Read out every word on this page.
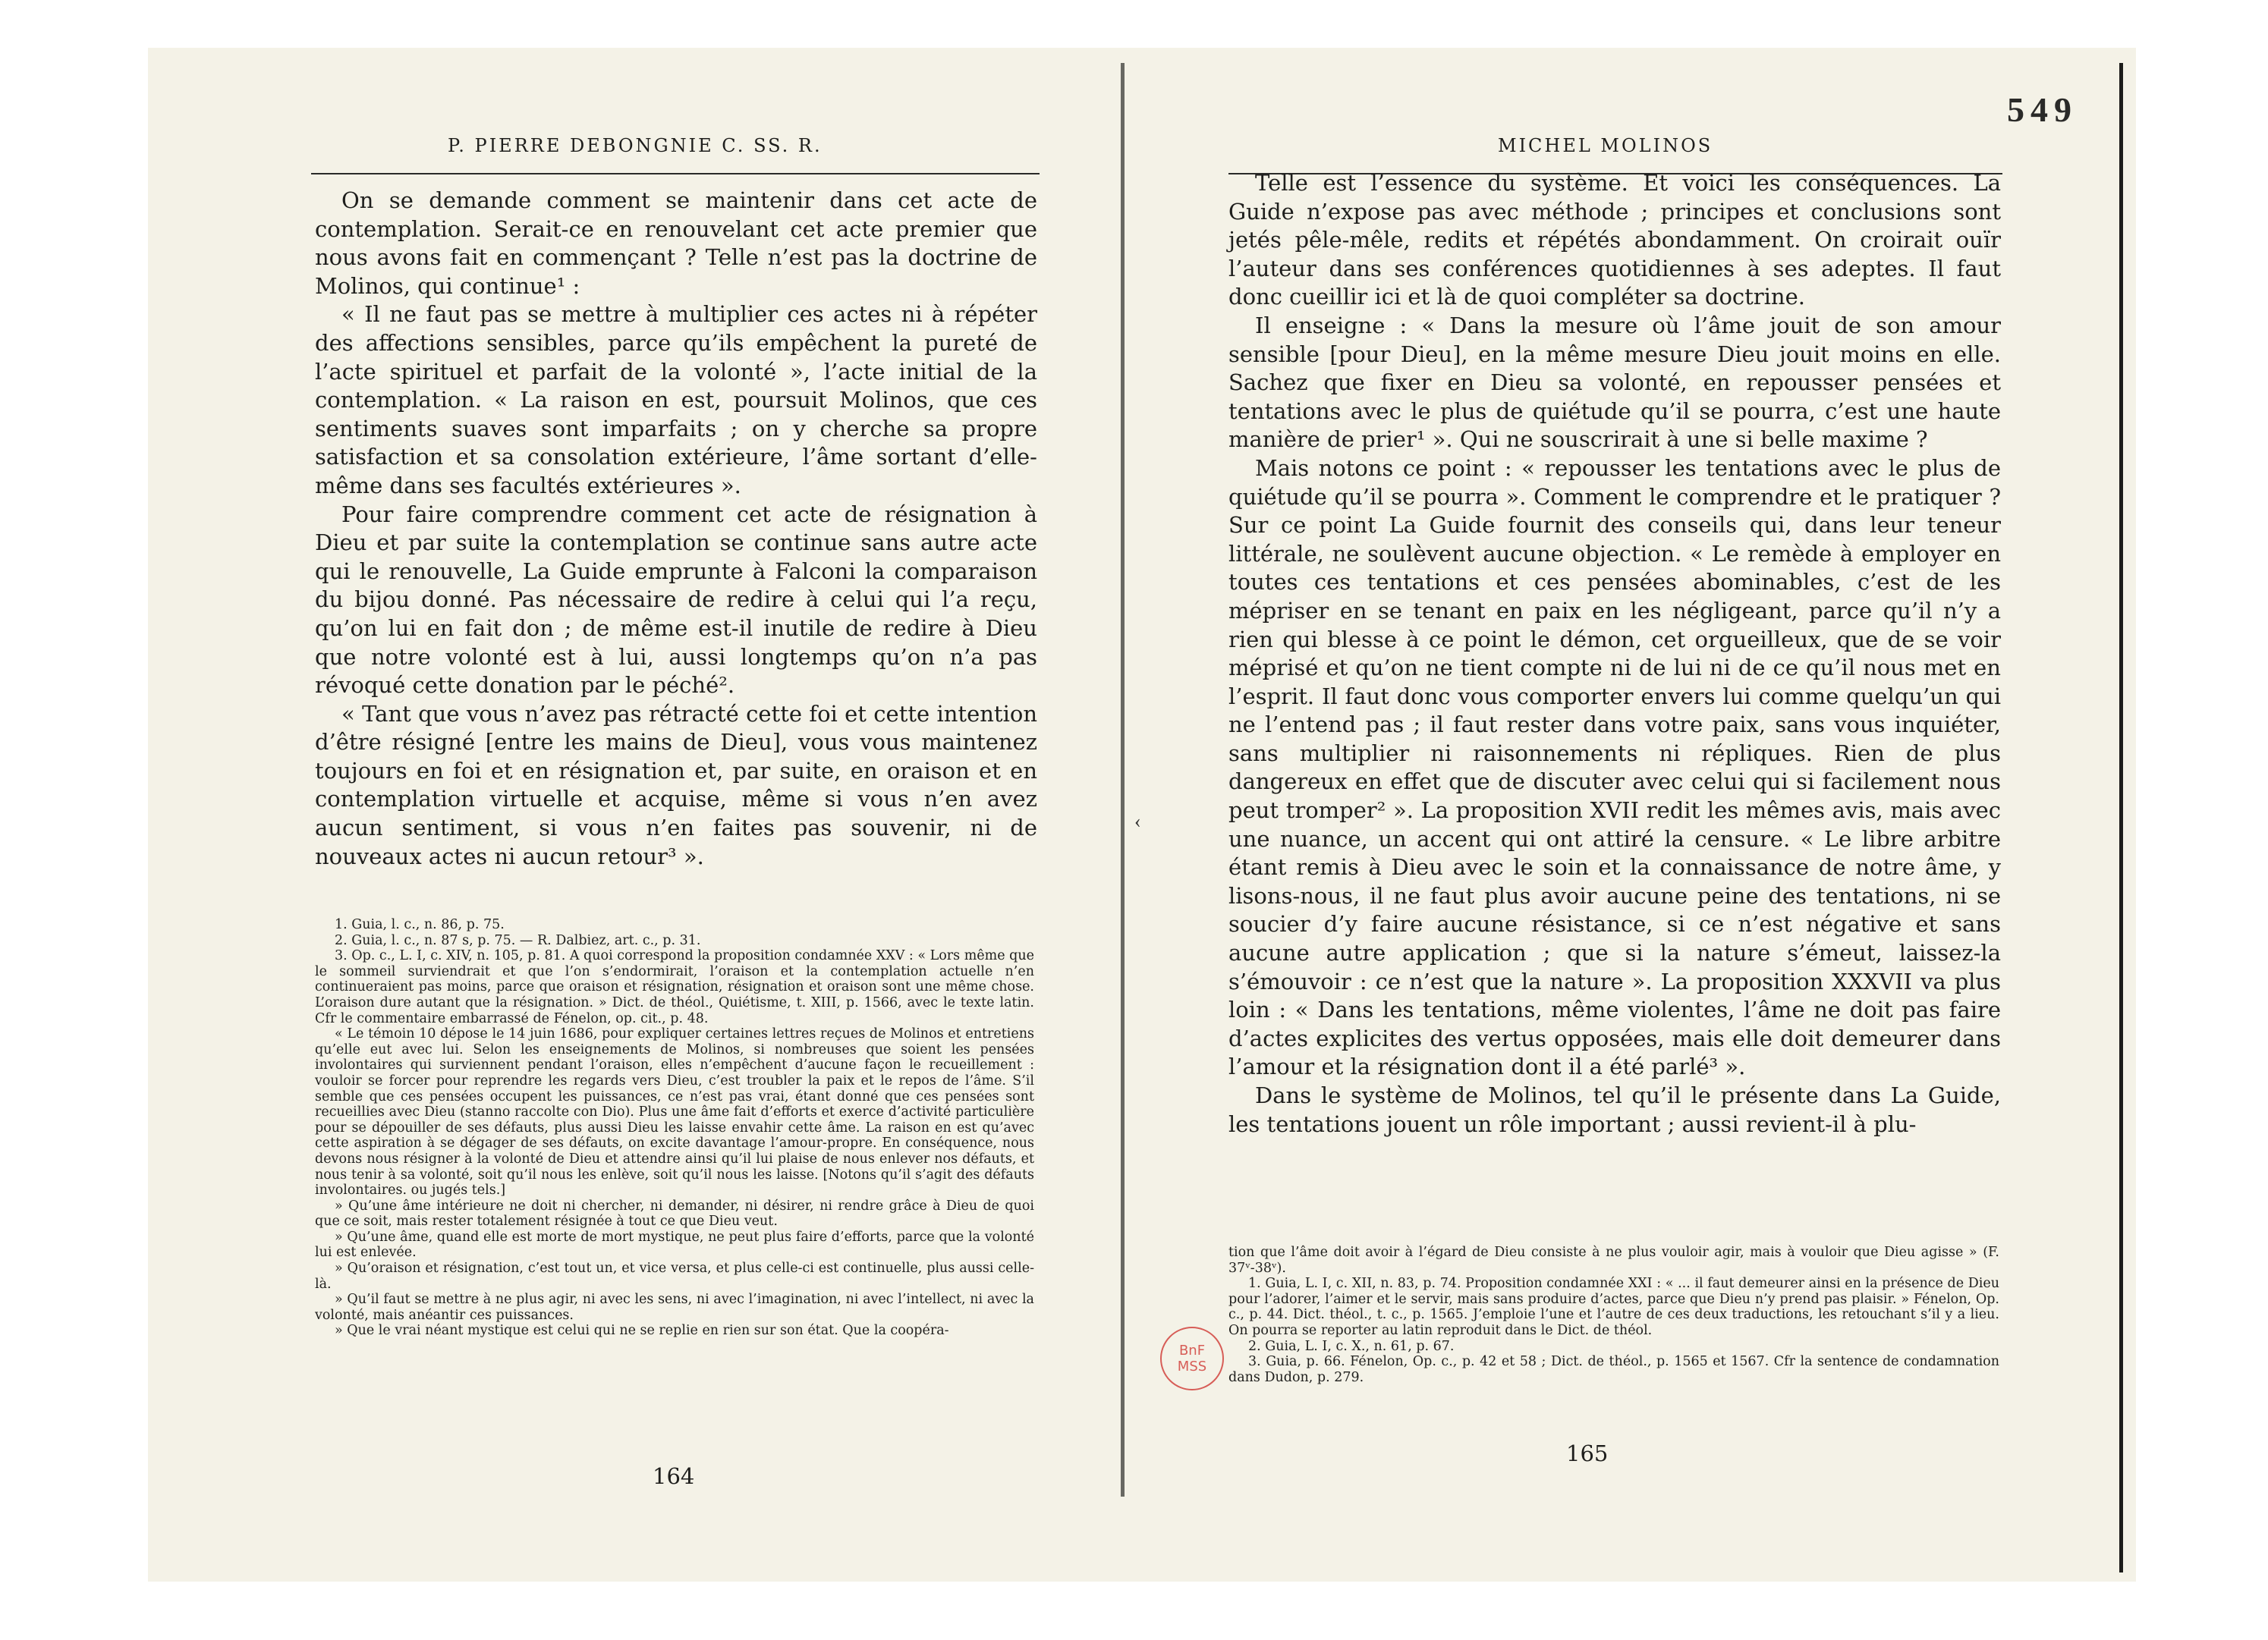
P. PIERRE DEBONGNIE C. SS. R.

On se demande comment se maintenir dans cet acte de contemplation. Serait-ce en renouvelant cet acte premier que nous avons fait en commençant ? Telle n’est pas la doctrine de Molinos, qui continue¹ :

« Il ne faut pas se mettre à multiplier ces actes ni à répéter des affections sensibles, parce qu’ils empêchent la pureté de l’acte spirituel et parfait de la volonté », l’acte initial de la contemplation. « La raison en est, poursuit Molinos, que ces sentiments suaves sont imparfaits ; on y cherche sa propre satisfaction et sa consolation extérieure, l’âme sortant d’elle-même dans ses facultés extérieures ».

Pour faire comprendre comment cet acte de résignation à Dieu et par suite la contemplation se continue sans autre acte qui le renouvelle, La Guide emprunte à Falconi la comparaison du bijou donné. Pas nécessaire de redire à celui qui l’a reçu, qu’on lui en fait don ; de même est-il inutile de redire à Dieu que notre volonté est à lui, aussi longtemps qu’on n’a pas révoqué cette donation par le péché².

« Tant que vous n’avez pas rétracté cette foi et cette intention d’être résigné [entre les mains de Dieu], vous vous maintenez toujours en foi et en résignation et, par suite, en oraison et en contemplation virtuelle et acquise, même si vous n’en avez aucun sentiment, si vous n’en faites pas souvenir, ni de nouveaux actes ni aucun retour³ ».

1. Guia, l. c., n. 86, p. 75.

2. Guia, l. c., n. 87 s, p. 75. — R. Dalbiez, art. c., p. 31.

3. Op. c., L. I, c. XIV, n. 105, p. 81. A quoi correspond la proposition condamnée XXV : « Lors même que le sommeil surviendrait et que l’on s’endormirait, l’oraison et la contemplation actuelle n’en continueraient pas moins, parce que oraison et résignation, résignation et oraison sont une même chose. L’oraison dure autant que la résignation. » Dict. de théol., Quiétisme, t. XIII, p. 1566, avec le texte latin. Cfr le commentaire embarrassé de Fénelon, op. cit., p. 48.

« Le témoin 10 dépose le 14 juin 1686, pour expliquer certaines lettres reçues de Molinos et entretiens qu’elle eut avec lui. Selon les enseignements de Molinos, si nombreuses que soient les pensées involontaires qui surviennent pendant l’oraison, elles n’empêchent d’aucune façon le recueillement : vouloir se forcer pour reprendre les regards vers Dieu, c’est troubler la paix et le repos de l’âme. S’il semble que ces pensées occupent les puissances, ce n’est pas vrai, étant donné que ces pensées sont recueillies avec Dieu (stanno raccolte con Dio). Plus une âme fait d’efforts et exerce d’activité particulière pour se dépouiller de ses défauts, plus aussi Dieu les laisse envahir cette âme. La raison en est qu’avec cette aspiration à se dégager de ses défauts, on excite davantage l’amour-propre. En conséquence, nous devons nous résigner à la volonté de Dieu et attendre ainsi qu’il lui plaise de nous enlever nos défauts, et nous tenir à sa volonté, soit qu’il nous les enlève, soit qu’il nous les laisse. [Notons qu’il s’agit des défauts involontaires. ou jugés tels.]

» Qu’une âme intérieure ne doit ni chercher, ni demander, ni désirer, ni rendre grâce à Dieu de quoi que ce soit, mais rester totalement résignée à tout ce que Dieu veut.

» Qu’une âme, quand elle est morte de mort mystique, ne peut plus faire d’efforts, parce que la volonté lui est enlevée.

» Qu’oraison et résignation, c’est tout un, et vice versa, et plus celle-ci est continuelle, plus aussi celle-là.

» Qu’il faut se mettre à ne plus agir, ni avec les sens, ni avec l’imagination, ni avec l’intellect, ni avec la volonté, mais anéantir ces puissances.

» Que le vrai néant mystique est celui qui ne se replie en rien sur son état. Que la coopéra-

164
MICHEL MOLINOS

Telle est l’essence du système. Et voici les conséquences. La Guide n’expose pas avec méthode ; principes et conclusions sont jetés pêle-mêle, redits et répétés abondamment. On croirait ouïr l’auteur dans ses conférences quotidiennes à ses adeptes. Il faut donc cueillir ici et là de quoi compléter sa doctrine.

Il enseigne : « Dans la mesure où l’âme jouit de son amour sensible [pour Dieu], en la même mesure Dieu jouit moins en elle. Sachez que fixer en Dieu sa volonté, en repousser pensées et tentations avec le plus de quiétude qu’il se pourra, c’est une haute manière de prier¹ ». Qui ne souscrirait à une si belle maxime ?

Mais notons ce point : « repousser les tentations avec le plus de quiétude qu’il se pourra ». Comment le comprendre et le pratiquer ? Sur ce point La Guide fournit des conseils qui, dans leur teneur littérale, ne soulèvent aucune objection. « Le remède à employer en toutes ces tentations et ces pensées abominables, c’est de les mépriser en se tenant en paix en les négligeant, parce qu’il n’y a rien qui blesse à ce point le démon, cet orgueilleux, que de se voir méprisé et qu’on ne tient compte ni de lui ni de ce qu’il nous met en l’esprit. Il faut donc vous comporter envers lui comme quelqu’un qui ne l’entend pas ; il faut rester dans votre paix, sans vous inquiéter, sans multiplier ni raisonnements ni répliques. Rien de plus dangereux en effet que de discuter avec celui qui si facilement nous peut tromper² ». La proposition XVII redit les mêmes avis, mais avec une nuance, un accent qui ont attiré la censure. « Le libre arbitre étant remis à Dieu avec le soin et la connaissance de notre âme, y lisons-nous, il ne faut plus avoir aucune peine des tentations, ni se soucier d’y faire aucune résistance, si ce n’est négative et sans aucune autre application ; que si la nature s’émeut, laissez-la s’émouvoir : ce n’est que la nature ». La proposition XXXVII va plus loin : « Dans les tentations, même violentes, l’âme ne doit pas faire d’actes explicites des vertus opposées, mais elle doit demeurer dans l’amour et la résignation dont il a été parlé³ ».

Dans le système de Molinos, tel qu’il le présente dans La Guide, les tentations jouent un rôle important ; aussi revient-il à plu-

tion que l’âme doit avoir à l’égard de Dieu consiste à ne plus vouloir agir, mais à vouloir que Dieu agisse » (F. 37ᵛ-38ᵛ).

1. Guia, L. I, c. XII, n. 83, p. 74. Proposition condamnée XXI : « ... il faut demeurer ainsi en la présence de Dieu pour l’adorer, l’aimer et le servir, mais sans produire d’actes, parce que Dieu n’y prend pas plaisir. » Fénelon, Op. c., p. 44. Dict. théol., t. c., p. 1565. J’emploie l’une et l’autre de ces deux traductions, les retouchant s’il y a lieu. On pourra se reporter au latin reproduit dans le Dict. de théol.

2. Guia, L. I, c. X., n. 61, p. 67.

3. Guia, p. 66. Fénelon, Op. c., p. 42 et 58 ; Dict. de théol., p. 1565 et 1567. Cfr la sentence de condamnation dans Dudon, p. 279.

165
549
BnF
MSS
‹
